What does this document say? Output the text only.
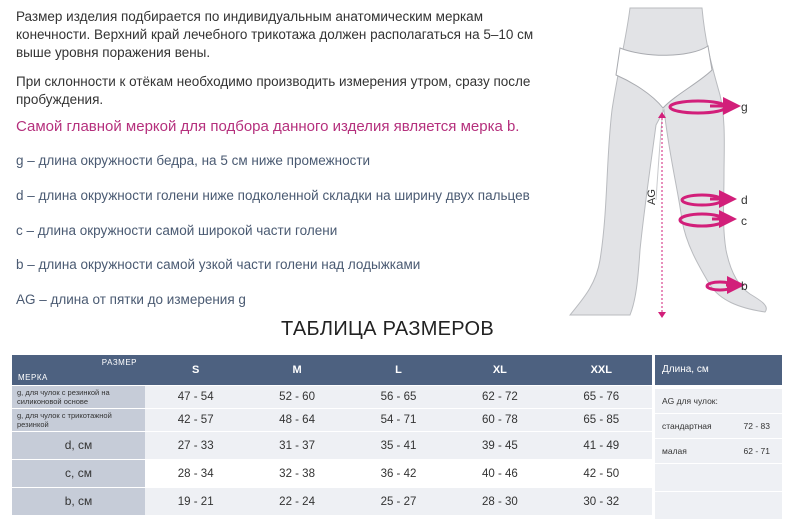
Размер изделия подбирается по индивидуальным анатомическим меркам конечности. Верхний край лечебного трикотажа должен располагаться на 5–10 см выше уровня поражения вены.

При склонности к отёкам необходимо производить измерения утром, сразу после пробуждения.

Самой главной меркой для подбора данного изделия является мерка b.
g – длина окружности бедра, на 5 см ниже промежности
d – длина окружности голени ниже подколенной складки на ширину двух пальцев
c – длина окружности самой широкой части голени
b – длина окружности самой узкой части голени над лодыжками
AG – длина от пятки до измерения g
AG
g
d
c
b
ТАБЛИЦА РАЗМЕРОВ
РАЗМЕР
МЕРКА	S	M	L	XL	XXL
g, для чулок с резинкой на силиконовой основе	47 - 54	52 - 60	56 - 65	62 - 72	65 - 76
g, для чулок с трикотажной резинкой	42 - 57	48 - 64	54 - 71	60 - 78	65 - 85
d, см	27 - 33	31 - 37	35 - 41	39 - 45	41 - 49
c, см	28 - 34	32 - 38	36 - 42	40 - 46	42 - 50
b, см	19 - 21	22 - 24	25 - 27	28 - 30	30 - 32
Длина, см
AG для чулок:
стандартная	72 - 83
малая	62 - 71
